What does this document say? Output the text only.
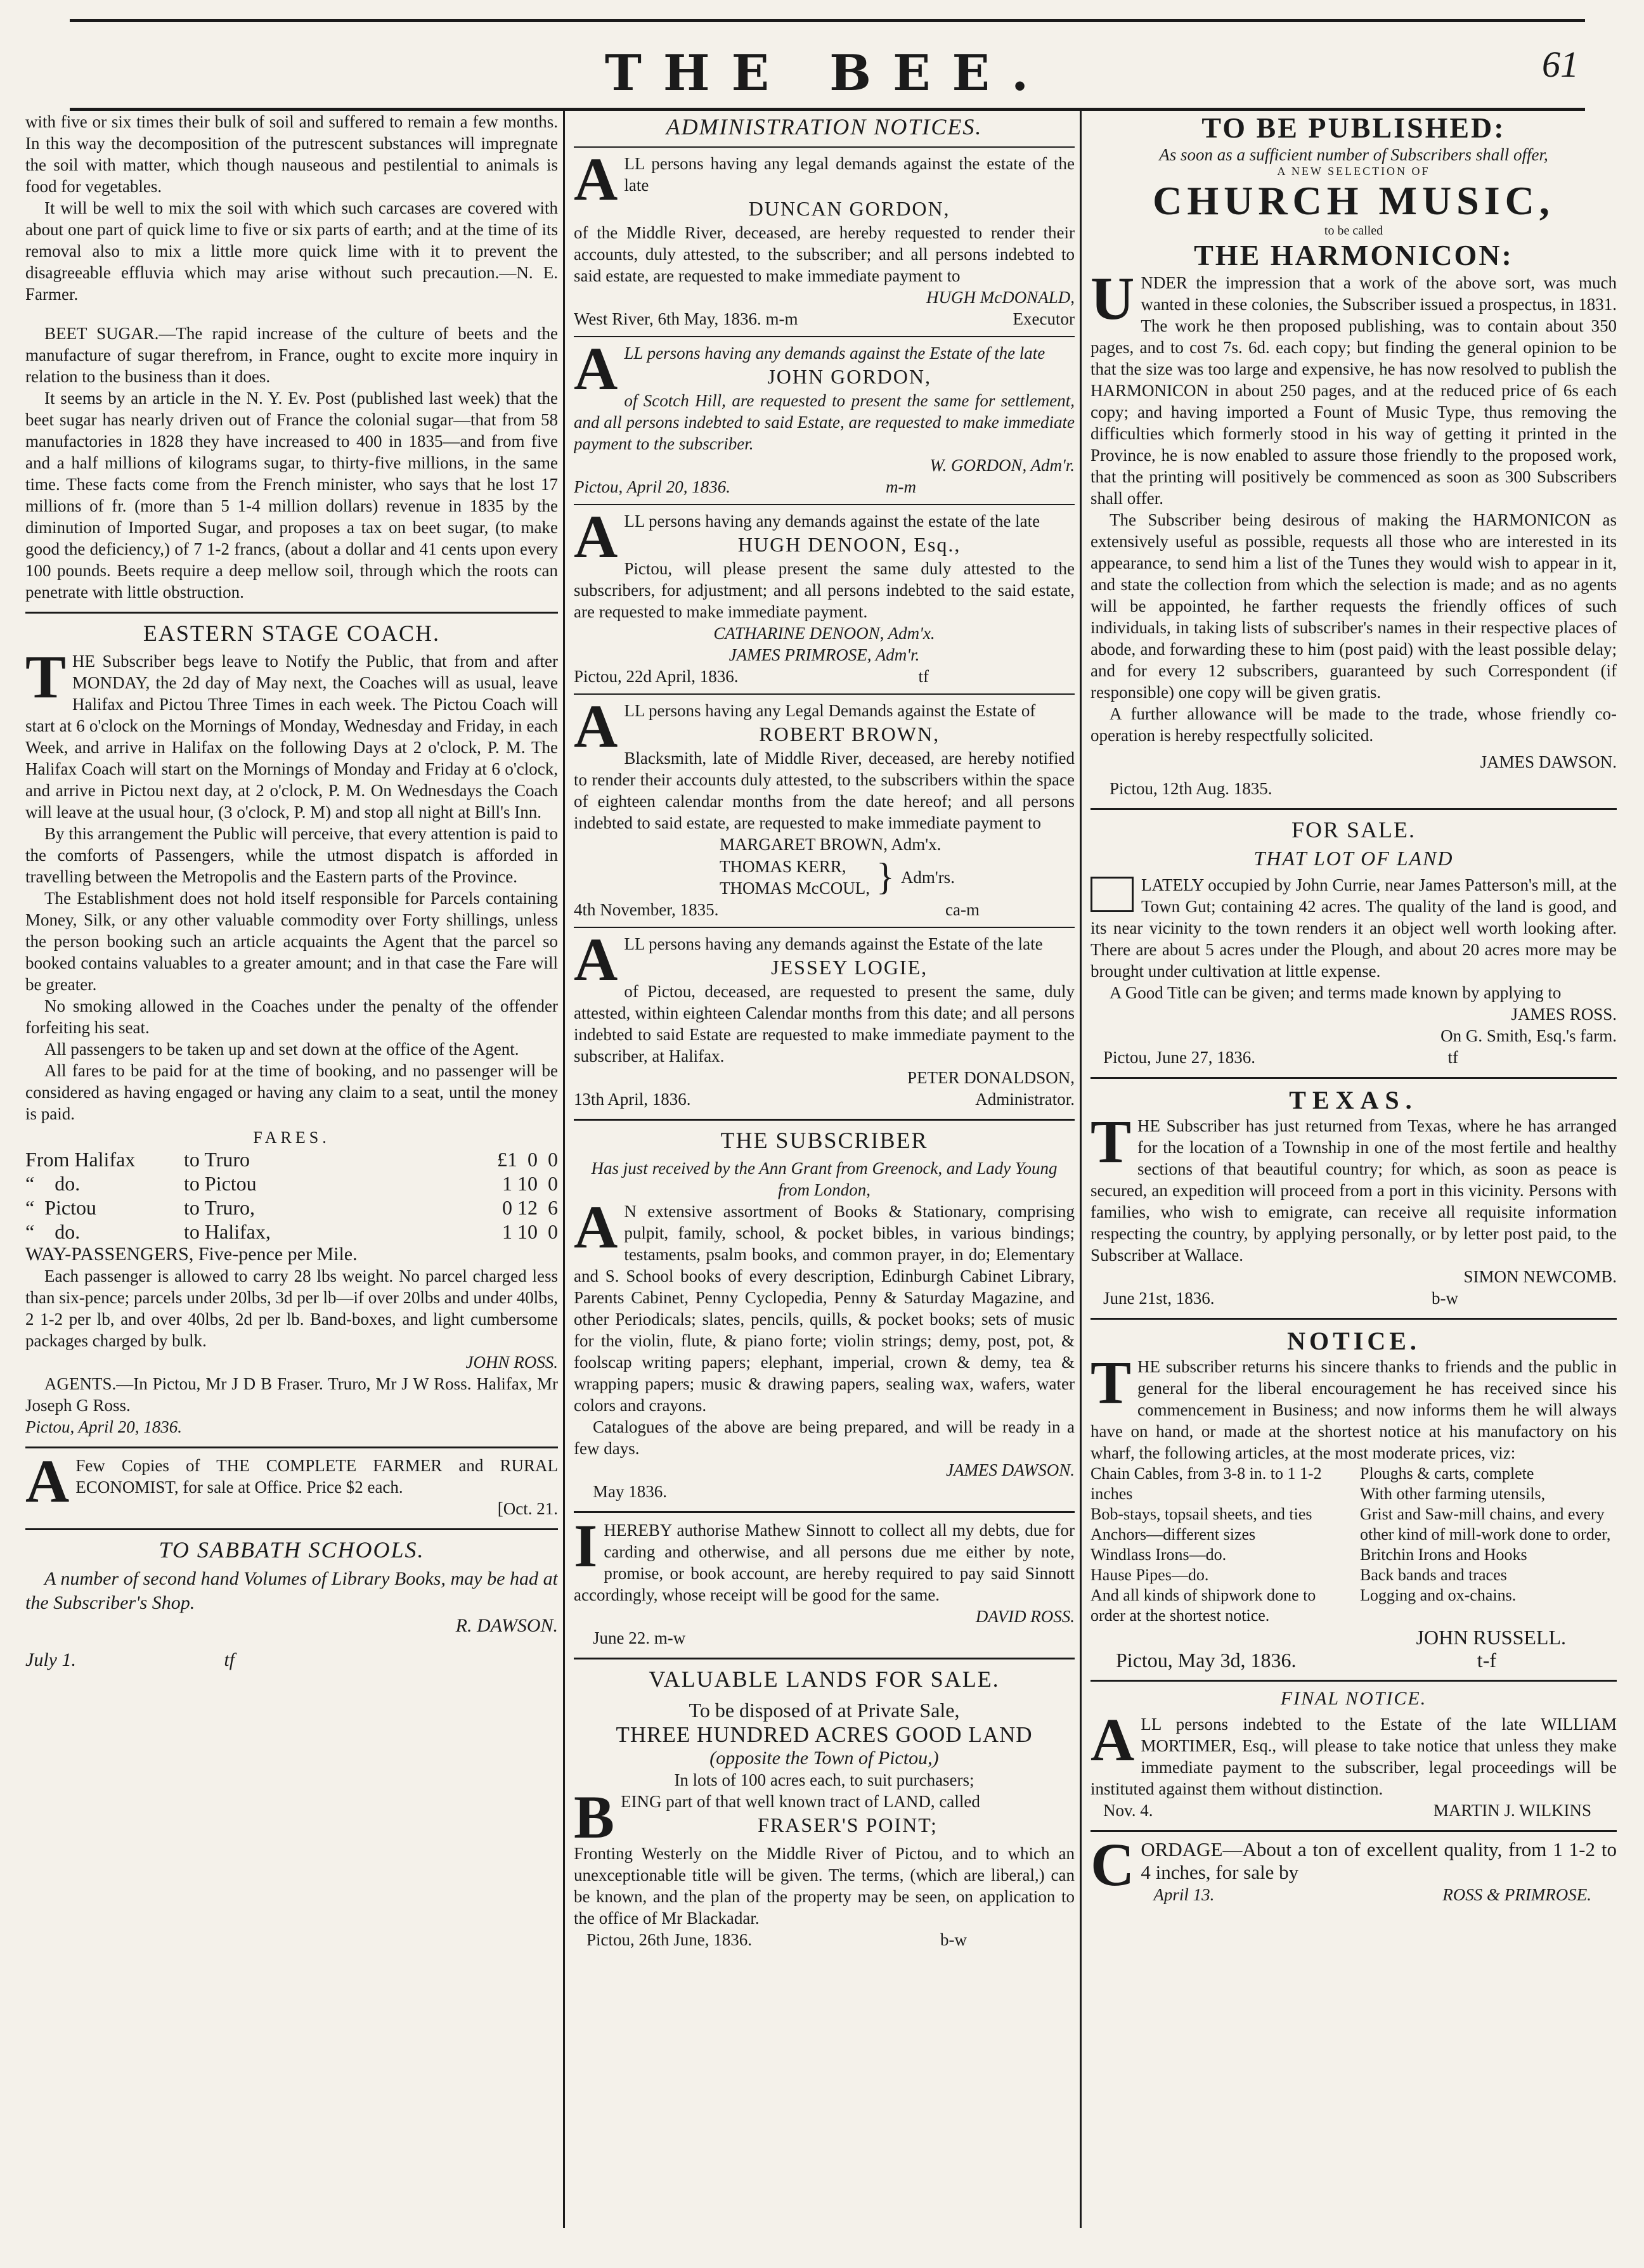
THE BEE.	61

with five or six times their bulk of soil and suffered to remain a few months. In this way the decomposition of the putrescent substances will impregnate the soil with matter, which though nauseous and pestilential to animals is food for vegetables.

It will be well to mix the soil with which such carcases are covered with about one part of quick lime to five or six parts of earth; and at the time of its removal also to mix a little more quick lime with it to prevent the disagreeable effluvia which may arise without such precaution.—N. E. Farmer.

BEET SUGAR.—The rapid increase of the culture of beets and the manufacture of sugar therefrom, in France, ought to excite more inquiry in relation to the business than it does.

It seems by an article in the N. Y. Ev. Post (published last week) that the beet sugar has nearly driven out of France the colonial sugar—that from 58 manufactories in 1828 they have increased to 400 in 1835—and from five and a half millions of kilograms sugar, to thirty-five millions, in the same time. These facts come from the French minister, who says that he lost 17 millions of fr. (more than 5 1-4 million dollars) revenue in 1835 by the diminution of Imported Sugar, and proposes a tax on beet sugar, (to make good the deficiency,) of 7 1-2 francs, (about a dollar and 41 cents upon every 100 pounds. Beets require a deep mellow soil, through which the roots can penetrate with little obstruction.

EASTERN STAGE COACH.
T HE Subscriber begs leave to Notify the Public, that from and after MONDAY, the 2d day of May next, the Coaches will as usual, leave Halifax and Pictou Three Times in each week. The Pictou Coach will start at 6 o'clock on the Mornings of Monday, Wednesday and Friday, in each Week, and arrive in Halifax on the following Days at 2 o'clock, P. M. The Halifax Coach will start on the Mornings of Monday and Friday at 6 o'clock, and arrive in Pictou next day, at 2 o'clock, P. M. On Wednesdays the Coach will leave at the usual hour, (3 o'clock, P. M) and stop all night at Bill's Inn.

By this arrangement the Public will perceive, that every attention is paid to the comforts of Passengers, while the utmost dispatch is afforded in travelling between the Metropolis and the Eastern parts of the Province.

The Establishment does not hold itself responsible for Parcels containing Money, Silk, or any other valuable commodity over Forty shillings, unless the person booking such an article acquaints the Agent that the parcel so booked contains valuables to a greater amount; and in that case the Fare will be greater.

No smoking allowed in the Coaches under the penalty of the offender forfeiting his seat.

All passengers to be taken up and set down at the office of the Agent.

All fares to be paid for at the time of booking, and no passenger will be considered as having engaged or having any claim to a seat, until the money is paid.

FARES.
From Halifax	to Truro	£1  0  0
“    do.	to Pictou	1 10  0
“  Pictou	to Truro,	0 12  6
“    do.	to Halifax,	1 10  0

WAY-PASSENGERS, Five-pence per Mile.

Each passenger is allowed to carry 28 lbs weight. No parcel charged less than six-pence; parcels under 20lbs, 3d per lb—if over 20lbs and under 40lbs, 2 1-2 per lb, and over 40lbs, 2d per lb. Band-boxes, and light cumbersome packages charged by bulk.

JOHN ROSS.

AGENTS.—In Pictou, Mr J D B Fraser. Truro, Mr J W Ross. Halifax, Mr Joseph G Ross.

Pictou, April 20, 1836.
A Few Copies of THE COMPLETE FARMER and RURAL ECONOMIST, for sale at Office. Price $2 each.

[Oct. 21.
TO SABBATH SCHOOLS.

A number of second hand Volumes of Library Books, may be had at the Subscriber's Shop.

R. DAWSON.
July 1.	tf
ADMINISTRATION NOTICES.
A LL persons having any legal demands against the estate of the late

DUNCAN GORDON,

of the Middle River, deceased, are hereby requested to render their accounts, duly attested, to the subscriber; and all persons indebted to said estate, are requested to make immediate payment to

HUGH McDONALD,
West River, 6th May, 1836. m-m	Executor
A LL persons having any demands against the Estate of the late

JOHN GORDON,

of Scotch Hill, are requested to present the same for settlement, and all persons indebted to said Estate, are requested to make immediate payment to the subscriber.

W. GORDON, Adm'r.
Pictou, April 20, 1836.	m-m
A LL persons having any demands against the estate of the late

HUGH DENOON, Esq.,

Pictou, will please present the same duly attested to the subscribers, for adjustment; and all persons indebted to the said estate, are requested to make immediate payment.

CATHARINE DENOON, Adm'x.
JAMES PRIMROSE, Adm'r.
Pictou, 22d April, 1836.	tf
A LL persons having any Legal Demands against the Estate of

ROBERT BROWN,

Blacksmith, late of Middle River, deceased, are hereby notified to render their accounts duly attested, to the subscribers within the space of eighteen calendar months from the date hereof; and all persons indebted to said estate, are requested to make immediate payment to

MARGARET BROWN, Adm'x.
THOMAS KERR,
THOMAS McCOUL, } Adm'rs.
4th November, 1835.	ca-m
A LL persons having any demands against the Estate of the late

JESSEY LOGIE,

of Pictou, deceased, are requested to present the same, duly attested, within eighteen Calendar months from this date; and all persons indebted to said Estate are requested to make immediate payment to the subscriber, at Halifax.

PETER DONALDSON,
13th April, 1836.	Administrator.
THE SUBSCRIBER

Has just received by the Ann Grant from Greenock, and Lady Young from London,

A N extensive assortment of Books & Stationary, comprising pulpit, family, school, & pocket bibles, in various bindings; testaments, psalm books, and common prayer, in do; Elementary and S. School books of every description, Edinburgh Cabinet Library, Parents Cabinet, Penny Cyclopedia, Penny & Saturday Magazine, and other Periodicals; slates, pencils, quills, & pocket books; sets of music for the violin, flute, & piano forte; violin strings; demy, post, pot, & foolscap writing papers; elephant, imperial, crown & demy, tea & wrapping papers; music & drawing papers, sealing wax, wafers, water colors and crayons.

Catalogues of the above are being prepared, and will be ready in a few days.

JAMES DAWSON.
May 1836.
I HEREBY authorise Mathew Sinnott to collect all my debts, due for carding and otherwise, and all persons due me either by note, promise, or book account, are hereby required to pay said Sinnott accordingly, whose receipt will be good for the same.

DAVID ROSS.
June 22. m-w
VALUABLE LANDS FOR SALE.
To be disposed of at Private Sale,
THREE HUNDRED ACRES GOOD LAND
(opposite the Town of Pictou,)
In lots of 100 acres each, to suit purchasers;
B EING part of that well known tract of LAND, called

FRASER'S POINT;

Fronting Westerly on the Middle River of Pictou, and to which an unexceptionable title will be given. The terms, (which are liberal,) can be known, and the plan of the property may be seen, on application to the office of Mr Blackadar.

Pictou, 26th June, 1836.	b-w
TO BE PUBLISHED:
As soon as a sufficient number of Subscribers shall offer,
A NEW SELECTION OF
CHURCH MUSIC,
to be called
THE HARMONICON:
U NDER the impression that a work of the above sort, was much wanted in these colonies, the Subscriber issued a prospectus, in 1831. The work he then proposed publishing, was to contain about 350 pages, and to cost 7s. 6d. each copy; but finding the general opinion to be that the size was too large and expensive, he has now resolved to publish the HARMONICON in about 250 pages, and at the reduced price of 6s each copy; and having imported a Fount of Music Type, thus removing the difficulties which formerly stood in his way of getting it printed in the Province, he is now enabled to assure those friendly to the proposed work, that the printing will positively be commenced as soon as 300 Subscribers shall offer.

The Subscriber being desirous of making the HARMONICON as extensively useful as possible, requests all those who are interested in its appearance, to send him a list of the Tunes they would wish to appear in it, and state the collection from which the selection is made; and as no agents will be appointed, he farther requests the friendly offices of such individuals, in taking lists of subscriber's names in their respective places of abode, and forwarding these to him (post paid) with the least possible delay; and for every 12 subscribers, guaranteed by such Correspondent (if responsible) one copy will be given gratis.

A further allowance will be made to the trade, whose friendly co-operation is hereby respectfully solicited.

JAMES DAWSON.
Pictou, 12th Aug. 1835.
FOR SALE.
THAT LOT OF LAND

LATELY occupied by John Currie, near James Patterson's mill, at the Town Gut; containing 42 acres. The quality of the land is good, and its near vicinity to the town renders it an object well worth looking after. There are about 5 acres under the Plough, and about 20 acres more may be brought under cultivation at little expense.

A Good Title can be given; and terms made known by applying to

JAMES ROSS.
On G. Smith, Esq.'s farm.
Pictou, June 27, 1836.	tf
TEXAS.
T HE Subscriber has just returned from Texas, where he has arranged for the location of a Township in one of the most fertile and healthy sections of that beautiful country; for which, as soon as peace is secured, an expedition will proceed from a port in this vicinity. Persons with families, who wish to emigrate, can receive all requisite information respecting the country, by applying personally, or by letter post paid, to the Subscriber at Wallace.

SIMON NEWCOMB.
June 21st, 1836.	b-w
NOTICE.
T HE subscriber returns his sincere thanks to friends and the public in general for the liberal encouragement he has received since his commencement in Business; and now informs them he will always have on hand, or made at the shortest notice at his manufactory on his wharf, the following articles, at the most moderate prices, viz:

Chain Cables, from 3-8 in. to 1 1-2 inches

Bob-stays, topsail sheets, and ties

Anchors—different sizes

Windlass Irons—do.

Hause Pipes—do.

And all kinds of shipwork done to order at the shortest notice.

Ploughs & carts, complete

With other farming utensils,

Grist and Saw-mill chains, and every other kind of mill-work done to order,

Britchin Irons and Hooks

Back bands and traces

Logging and ox-chains.

JOHN RUSSELL.
Pictou, May 3d, 1836.	t-f
FINAL NOTICE.
A LL persons indebted to the Estate of the late WILLIAM MORTIMER, Esq., will please to take notice that unless they make immediate payment to the subscriber, legal proceedings will be instituted against them without distinction.

Nov. 4.	MARTIN J. WILKINS
C ORDAGE—About a ton of excellent quality, from 1 1-2 to 4 inches, for sale by

April 13.	ROSS & PRIMROSE.
